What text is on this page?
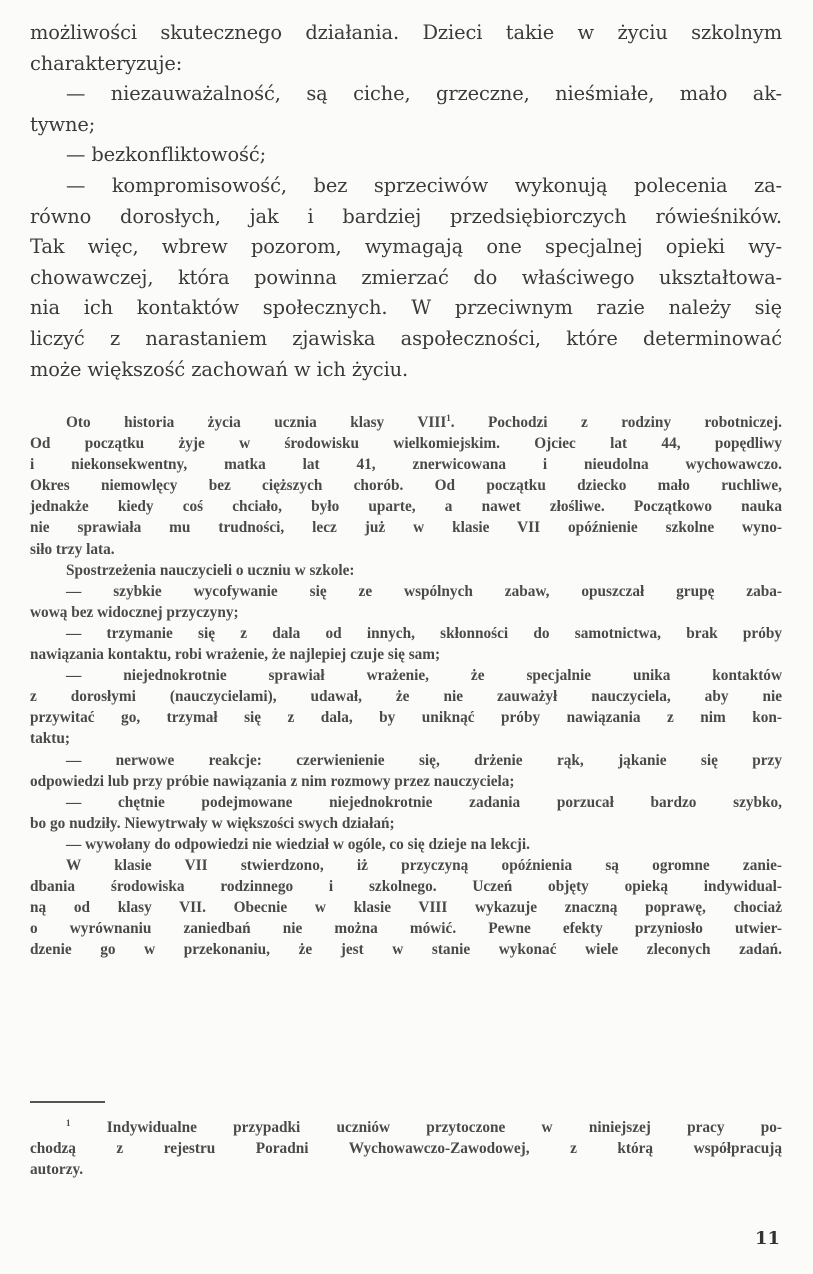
możliwości skutecznego działania. Dzieci takie w życiu szkolnym
charakteryzuje:
— niezauważalność, są ciche, grzeczne, nieśmiałe, mało ak-
tywne;
— bezkonfliktowość;
— kompromisowość, bez sprzeciwów wykonują polecenia za-
równo dorosłych, jak i bardziej przedsiębiorczych rówieśników.
Tak więc, wbrew pozorom, wymagają one specjalnej opieki wy-
chowawczej, która powinna zmierzać do właściwego ukształtowa-
nia ich kontaktów społecznych. W przeciwnym razie należy się
liczyć z narastaniem zjawiska aspołeczności, które determinować
może większość zachowań w ich życiu.
Oto historia życia ucznia klasy VIII$^1$. Pochodzi z rodziny robotniczej.
Od początku żyje w środowisku wielkomiejskim. Ojciec lat 44, popędliwy
i niekonsekwentny, matka lat 41, znerwicowana i nieudolna wychowawczo.
Okres niemowlęcy bez cięższych chorób. Od początku dziecko mało ruchliwe,
jednakże kiedy coś chciało, było uparte, a nawet złośliwe. Początkowo nauka
nie sprawiała mu trudności, lecz już w klasie VII opóźnienie szkolne wyno-
siło trzy lata.
Spostrzeżenia nauczycieli o uczniu w szkole:
— szybkie wycofywanie się ze wspólnych zabaw, opuszczał grupę zaba-
wową bez widocznej przyczyny;
— trzymanie się z dala od innych, skłonności do samotnictwa, brak próby
nawiązania kontaktu, robi wrażenie, że najlepiej czuje się sam;
— niejednokrotnie sprawiał wrażenie, że specjalnie unika kontaktów
z dorosłymi (nauczycielami), udawał, że nie zauważył nauczyciela, aby nie
przywitać go, trzymał się z dala, by uniknąć próby nawiązania z nim kon-
taktu;
— nerwowe reakcje: czerwienienie się, drżenie rąk, jąkanie się przy
odpowiedzi lub przy próbie nawiązania z nim rozmowy przez nauczyciela;
— chętnie podejmowane niejednokrotnie zadania porzucał bardzo szybko,
bo go nudziły. Niewytrwały w większości swych działań;
— wywołany do odpowiedzi nie wiedział w ogóle, co się dzieje na lekcji.
W klasie VII stwierdzono, iż przyczyną opóźnienia są ogromne zanie-
dbania środowiska rodzinnego i szkolnego. Uczeń objęty opieką indywidual-
ną od klasy VII. Obecnie w klasie VIII wykazuje znaczną poprawę, chociaż
o wyrównaniu zaniedbań nie można mówić. Pewne efekty przyniosło utwier-
dzenie go w przekonaniu, że jest w stanie wykonać wiele zleconych zadań.
$^1$ Indywidualne przypadki uczniów przytoczone w niniejszej pracy po-
chodzą z rejestru Poradni Wychowawczo-Zawodowej, z którą współpracują
autorzy.
11
